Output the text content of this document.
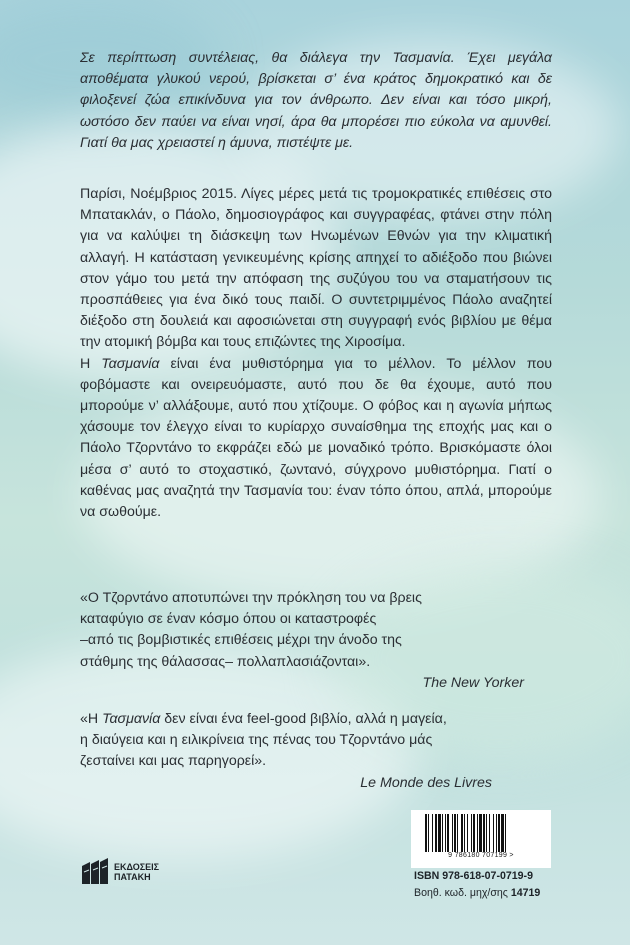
Σε περίπτωση συντέλειας, θα διάλεγα την Τασμανία. Έχει μεγάλα αποθέματα γλυκού νερού, βρίσκεται σ’ ένα κράτος δημοκρατικό και δε φιλοξενεί ζώα επικίνδυνα για τον άνθρωπο. Δεν είναι και τόσο μικρή, ωστόσο δεν παύει να είναι νησί, άρα θα μπορέσει πιο εύκολα να αμυνθεί. Γιατί θα μας χρειαστεί η άμυνα, πιστέψτε με.

Παρίσι, Νοέμβριος 2015. Λίγες μέρες μετά τις τρομοκρατικές επιθέσεις στο Μπατακλάν, ο Πάολο, δημοσιογράφος και συγγραφέας, φτάνει στην πόλη για να καλύψει τη διάσκεψη των Ηνωμένων Εθνών για την κλιματική αλλαγή. Η κατάσταση γενικευμένης κρίσης απηχεί το αδιέξοδο που βιώνει στον γάμο του μετά την απόφαση της συζύγου του να σταματήσουν τις προσπάθειες για ένα δικό τους παιδί. Ο συντετριμμένος Πάολο αναζητεί διέξοδο στη δουλειά και αφοσιώνεται στη συγγραφή ενός βιβλίου με θέμα την ατομική βόμβα και τους επιζώντες της Χιροσίμα.

Η Τασμανία είναι ένα μυθιστόρημα για το μέλλον. Το μέλλον που φοβόμαστε και ονειρευόμαστε, αυτό που δε θα έχουμε, αυτό που μπορούμε ν’ αλλάξουμε, αυτό που χτίζουμε. Ο φόβος και η αγωνία μήπως χάσουμε τον έλεγχο είναι το κυρίαρχο συναίσθημα της εποχής μας και ο Πάολο Τζορντάνο το εκφράζει εδώ με μοναδικό τρόπο. Βρισκόμαστε όλοι μέσα σ’ αυτό το στοχαστικό, ζωντανό, σύγχρονο μυθιστόρημα. Γιατί ο καθένας μας αναζητά την Τασμανία του: έναν τόπο όπου, απλά, μπορούμε να σωθούμε.

«Ο Τζορντάνο αποτυπώνει την πρόκληση του να βρεις
καταφύγιο σε έναν κόσμο όπου οι καταστροφές
–από τις βομβιστικές επιθέσεις μέχρι την άνοδο της
στάθμης της θάλασσας– πολλαπλασιάζονται».
The New Yorker
«Η Τασμανία δεν είναι ένα feel-good βιβλίο, αλλά η μαγεία,
η διαύγεια και η ειλικρίνεια της πένας του Τζορντάνο μάς
ζεσταίνει και μας παρηγορεί».
Le Monde des Livres
ΕΚΔΟΣΕΙΣ
ΠΑΤΑΚΗ
9 786180 707199 >
ISBN 978-618-07-0719-9
Βοηθ. κωδ. μηχ/σης 14719
